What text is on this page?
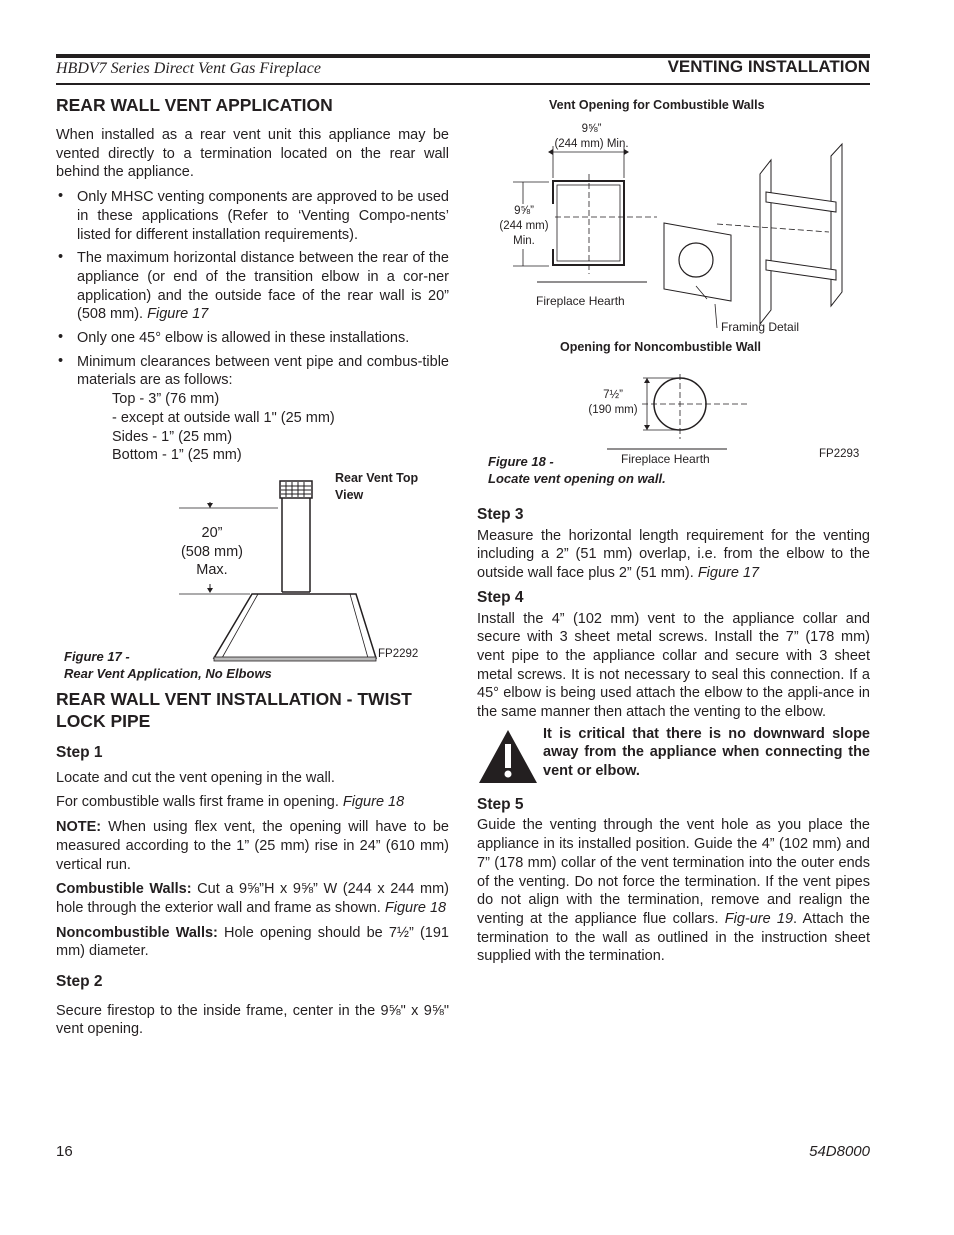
HBDV7 Series Direct Vent Gas Fireplace	VENTING INSTALLATION
REAR WALL VENT APPLICATION

When installed as a rear vent unit this appliance may be vented directly to a termination located on the rear wall behind the appliance.

• Only MHSC venting components are approved to be used in these applications (Refer to ‘Venting Compo-nents’ listed for different installation requirements).
• The maximum horizontal distance between the rear of the appliance (or end of the transition elbow in a cor-ner application) and the outside face of the rear wall is 20” (508 mm). Figure 17
• Only one 45° elbow is allowed in these installations.
• Minimum clearances between vent pipe and combus-tible materials are as follows:
Top - 3” (76 mm)
- except at outside wall 1" (25 mm)
Sides - 1” (25 mm)
Bottom - 1” (25 mm)
Rear Vent Top
View
20”
(508 mm)
Max.
FP2292
Figure 17 -
Rear Vent Application, No Elbows
REAR WALL VENT INSTALLATION - TWIST LOCK PIPE
Step 1

Locate and cut the vent opening in the wall.

For combustible walls first frame in opening. Figure 18

NOTE: When using flex vent, the opening will have to be measured according to the 1” (25 mm) rise in 24” (610 mm) vertical run.

Combustible Walls: Cut a 9⅝”H x 9⅝” W (244 x 244 mm) hole through the exterior wall and frame as shown. Figure 18

Noncombustible Walls: Hole opening should be 7½” (191 mm) diameter.

Step 2

Secure firestop to the inside frame, center in the 9⅝" x 9⅝" vent opening.

Vent Opening for Combustible Walls
9⅝”
(244 mm) Min.
9⅝”
(244 mm)
Min.
Fireplace Hearth
Framing Detail
Opening for Noncombustible Wall
7½”
(190 mm)
Fireplace Hearth	FP2293
Figure 18 -
Locate vent opening on wall.
Step 3

Measure the horizontal length requirement for the venting including a 2” (51 mm) overlap, i.e. from the elbow to the outside wall face plus 2” (51 mm). Figure 17

Step 4

Install the 4” (102 mm) vent to the appliance collar and secure with 3 sheet metal screws. Install the 7” (178 mm) vent pipe to the appliance collar and secure with 3 sheet metal screws. It is not necessary to seal this connection. If a 45° elbow is being used attach the elbow to the appli-ance in the same manner then attach the venting to the elbow.

It is critical that there is no downward slope away from the appliance when connecting the vent or elbow.

Step 5

Guide the venting through the vent hole as you place the appliance in its installed position. Guide the 4” (102 mm) and 7” (178 mm) collar of the vent termination into the outer ends of the venting. Do not force the termination. If the vent pipes do not align with the termination, remove and realign the venting at the appliance flue collars. Fig-ure 19. Attach the termination to the wall as outlined in the instruction sheet supplied with the termination.

16	54D8000
